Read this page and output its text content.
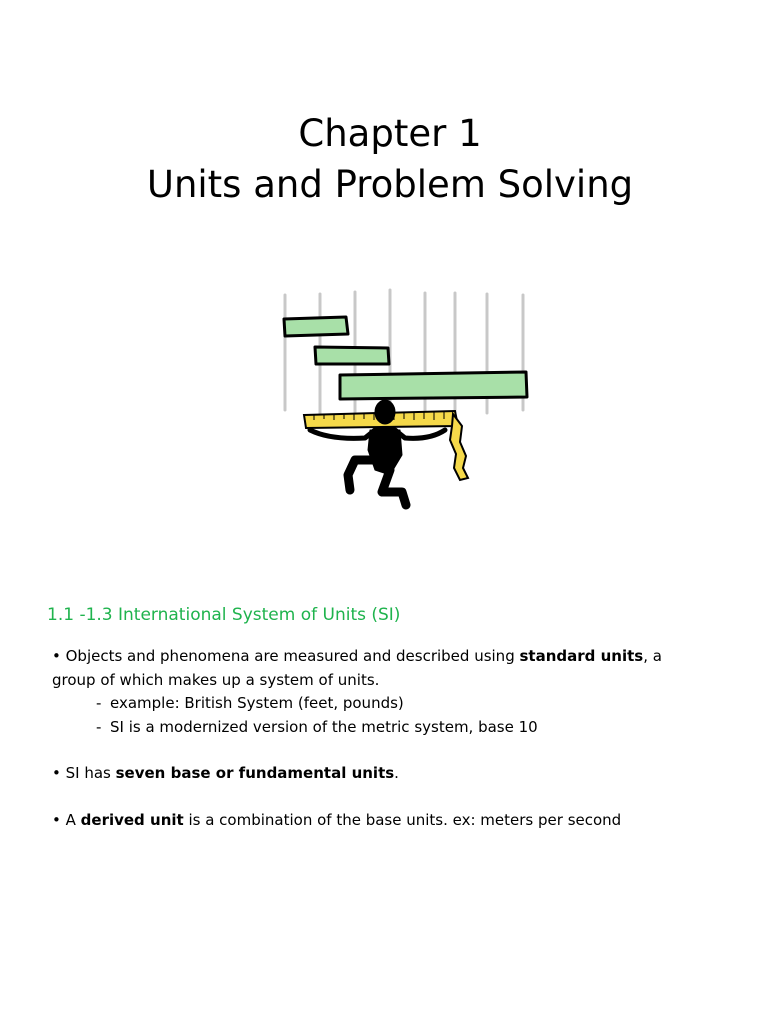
Chapter 1
Units and Problem Solving
1.1 -1.3 International System of Units (SI)

• Objects and phenomena are measured and described using standard units, a
group of which makes up a system of units.

- example: British System (feet, pounds)
- SI is a modernized version of the metric system, base 10

• SI has seven base or fundamental units.

• A derived unit is a combination of the base units. ex: meters per second
